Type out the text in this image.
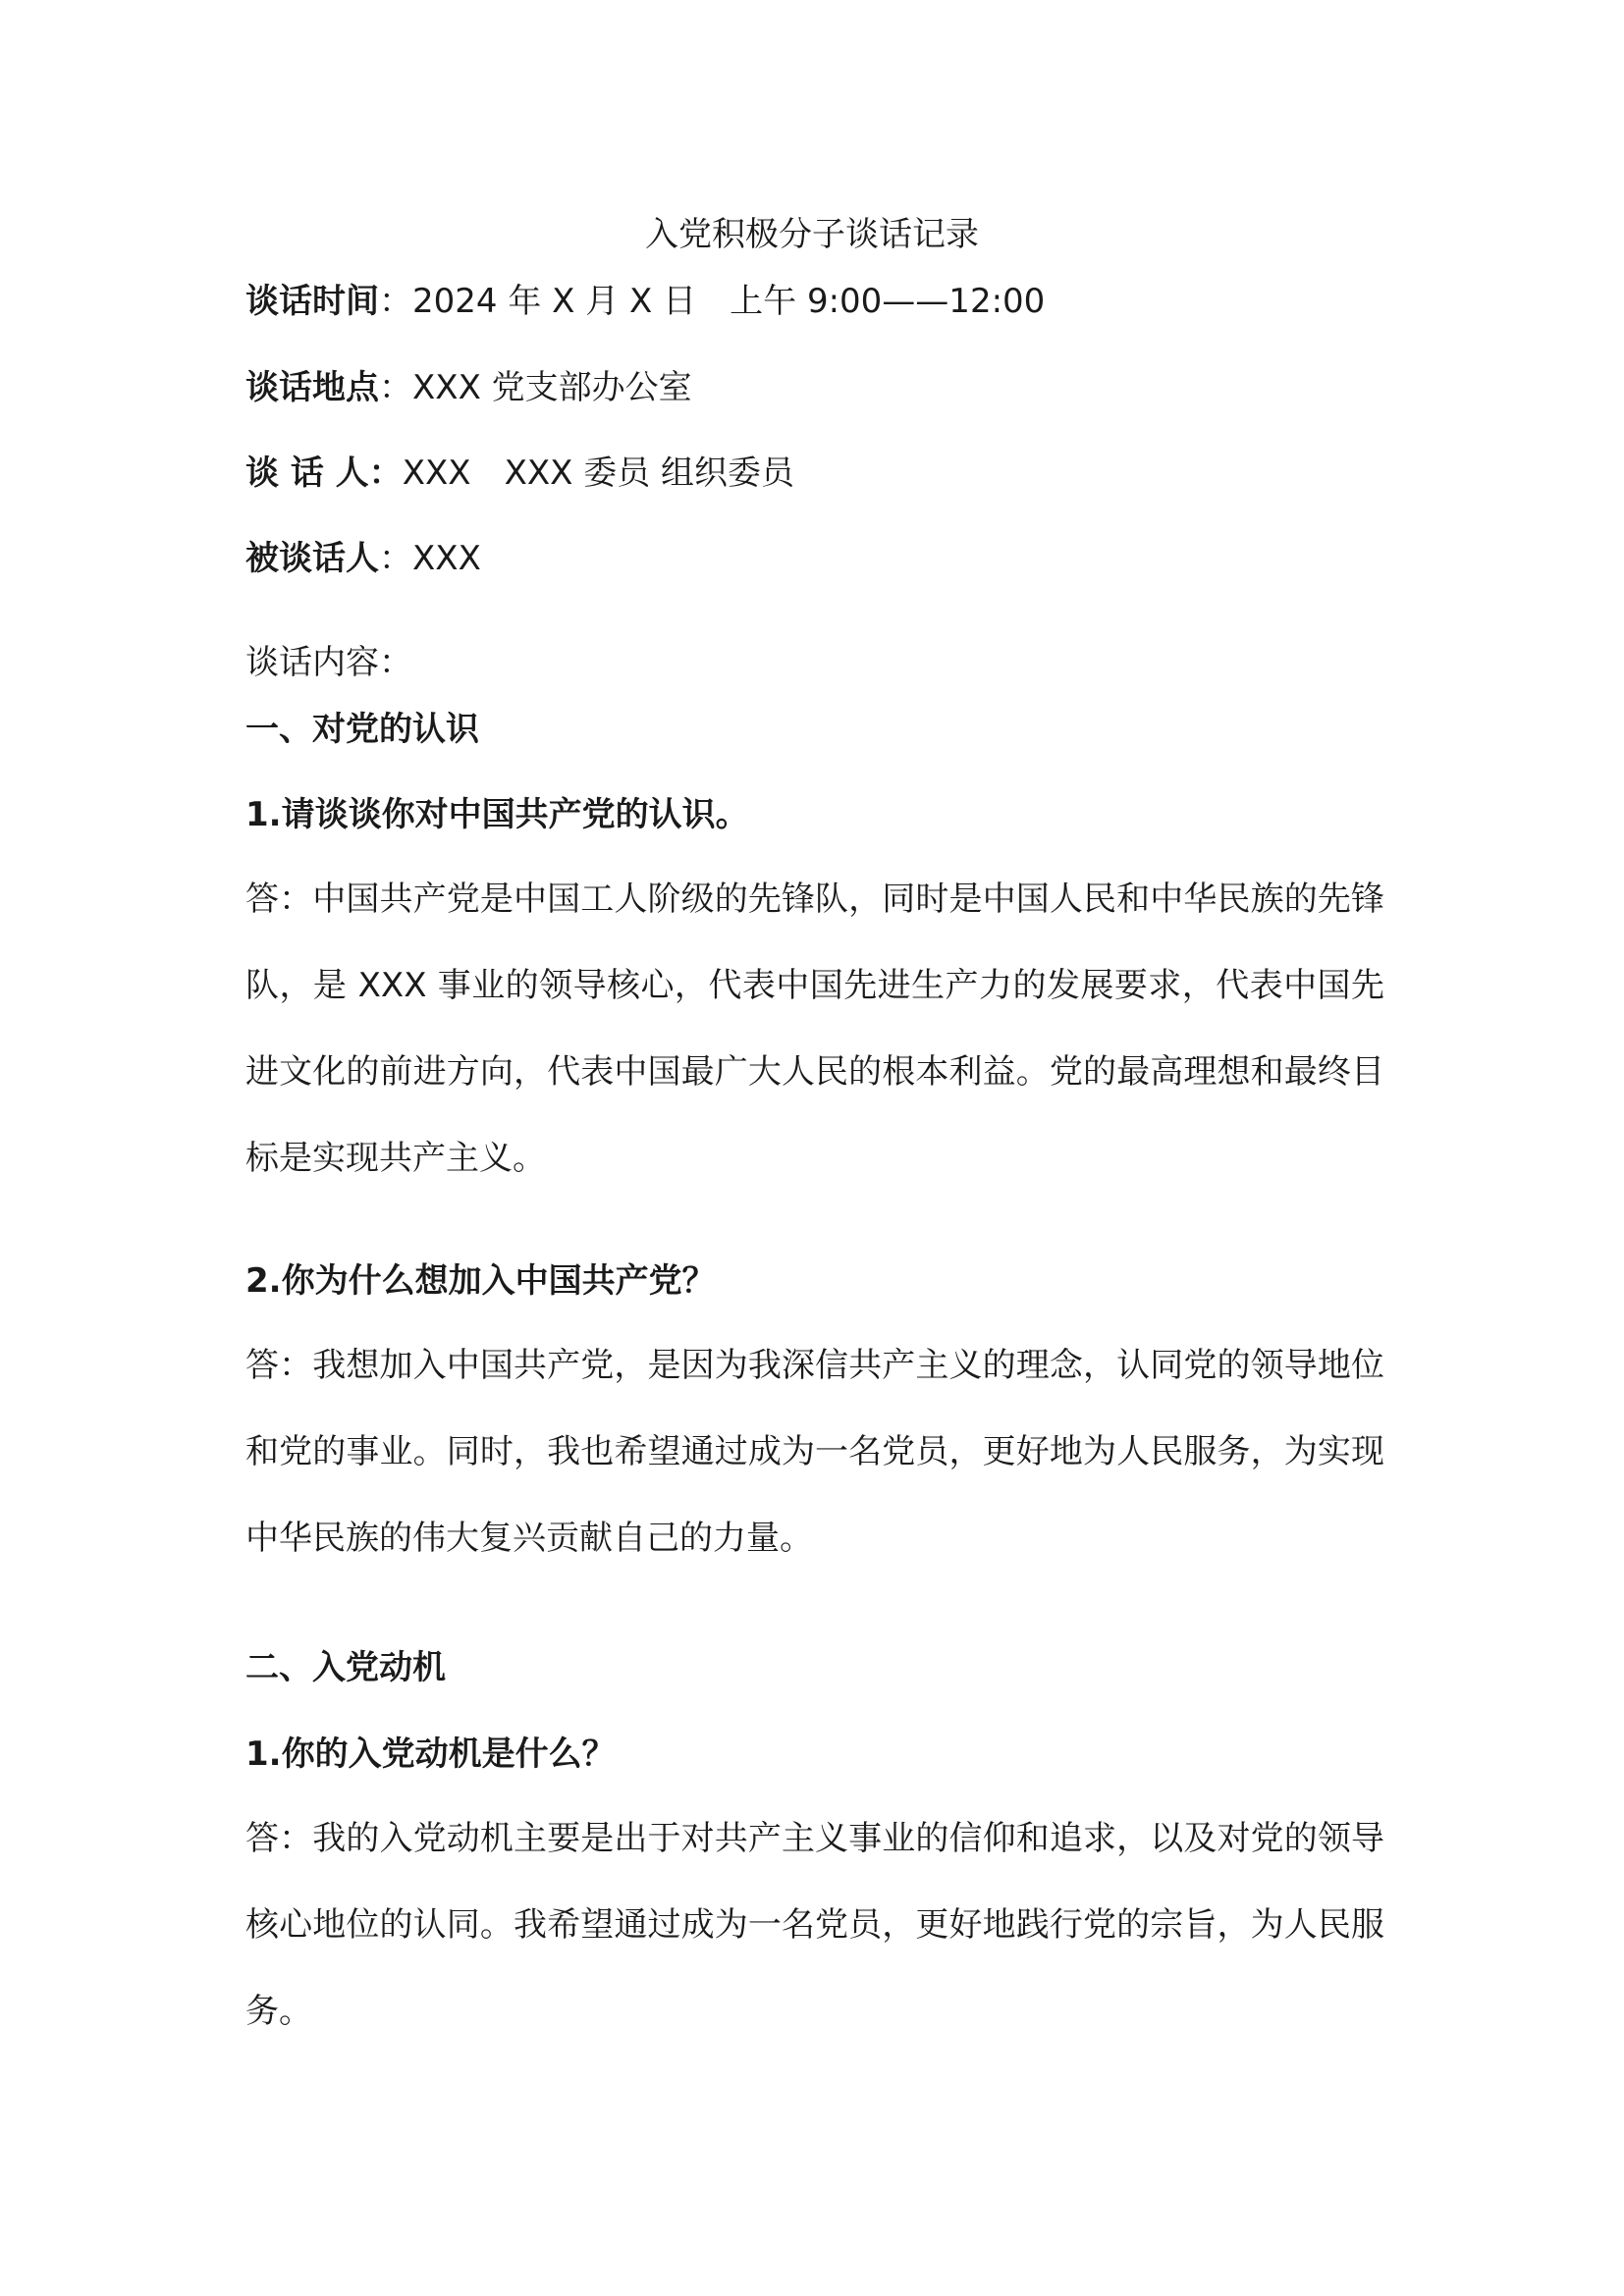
入党积极分子谈话记录
谈话时间：2024 年 X 月 X 日　上午 9:00——12:00
谈话地点：XXX 党支部办公室
谈 话 人：XXX　XXX 委员 组织委员
被谈话人：XXX
谈话内容：
一、对党的认识
1.请谈谈你对中国共产党的认识。

答：中国共产党是中国工人阶级的先锋队，同时是中国人民和中华民族的先锋队，是 XXX 事业的领导核心，代表中国先进生产力的发展要求，代表中国先进文化的前进方向，代表中国最广大人民的根本利益。党的最高理想和最终目标是实现共产主义。

2.你为什么想加入中国共产党？

答：我想加入中国共产党，是因为我深信共产主义的理念，认同党的领导地位和党的事业。同时，我也希望通过成为一名党员，更好地为人民服务，为实现中华民族的伟大复兴贡献自己的力量。

二、入党动机
1.你的入党动机是什么？

答：我的入党动机主要是出于对共产主义事业的信仰和追求，以及对党的领导核心地位的认同。我希望通过成为一名党员，更好地践行党的宗旨，为人民服务。
